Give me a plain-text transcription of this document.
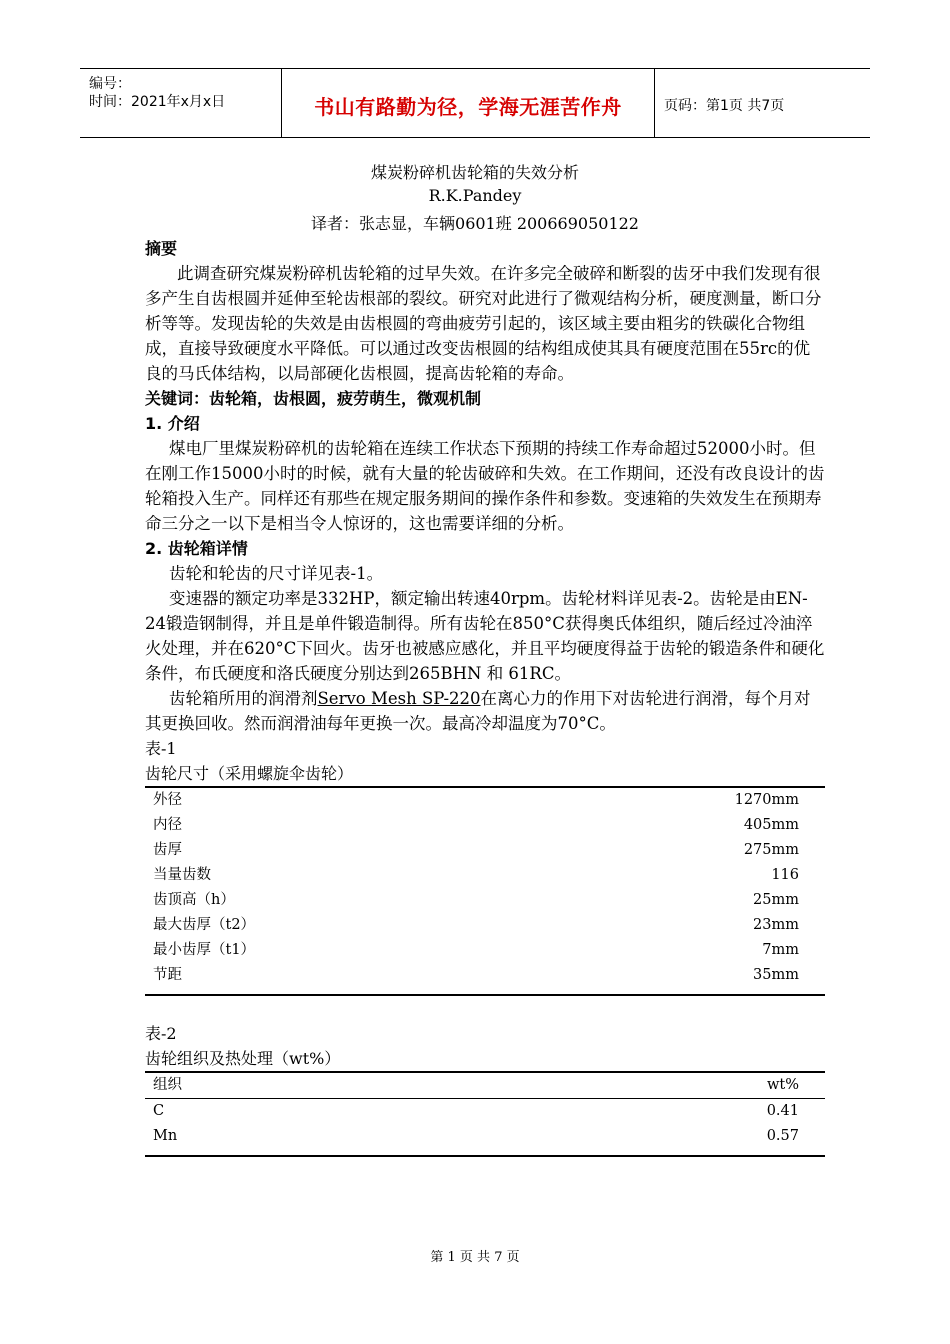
编号：
时间：2021年x月x日	书山有路勤为径，学海无涯苦作舟	页码：第1页 共7页
煤炭粉碎机齿轮箱的失效分析
R.K.Pandey
译者：张志显，车辆0601班 200669050122

摘要

此调查研究煤炭粉碎机齿轮箱的过早失效。在许多完全破碎和断裂的齿牙中我们发现有很多产生自齿根圆并延伸至轮齿根部的裂纹。研究对此进行了微观结构分析，硬度测量，断口分析等等。发现齿轮的失效是由齿根圆的弯曲疲劳引起的，该区域主要由粗劣的铁碳化合物组成，直接导致硬度水平降低。可以通过改变齿根圆的结构组成使其具有硬度范围在55rc的优良的马氏体结构，以局部硬化齿根圆，提高齿轮箱的寿命。

关键词：齿轮箱，齿根圆，疲劳萌生，微观机制

1. 介绍

煤电厂里煤炭粉碎机的齿轮箱在连续工作状态下预期的持续工作寿命超过52000小时。但在刚工作15000小时的时候，就有大量的轮齿破碎和失效。在工作期间，还没有改良设计的齿轮箱投入生产。同样还有那些在规定服务期间的操作条件和参数。变速箱的失效发生在预期寿命三分之一以下是相当令人惊讶的，这也需要详细的分析。

2. 齿轮箱详情

齿轮和轮齿的尺寸详见表-1。

变速器的额定功率是332HP，额定输出转速40rpm。齿轮材料详见表-2。齿轮是由EN-24锻造钢制得，并且是单件锻造制得。所有齿轮在850°C获得奥氏体组织，随后经过冷油淬火处理，并在620°C下回火。齿牙也被感应感化，并且平均硬度得益于齿轮的锻造条件和硬化条件，布氏硬度和洛氏硬度分别达到265BHN 和 61RC。

齿轮箱所用的润滑剂Servo Mesh SP-220在离心力的作用下对齿轮进行润滑，每个月对其更换回收。然而润滑油每年更换一次。最高冷却温度为70°C。

表-1

齿轮尺寸（采用螺旋伞齿轮）

外径	1270mm
内径	405mm
齿厚	275mm
当量齿数	116
齿顶高（h）	25mm
最大齿厚（t2）	23mm
最小齿厚（t1）	7mm
节距	35mm

表-2

齿轮组织及热处理（wt%）

组织	wt%
C	0.41
Mn	0.57

第 1 页 共 7 页
